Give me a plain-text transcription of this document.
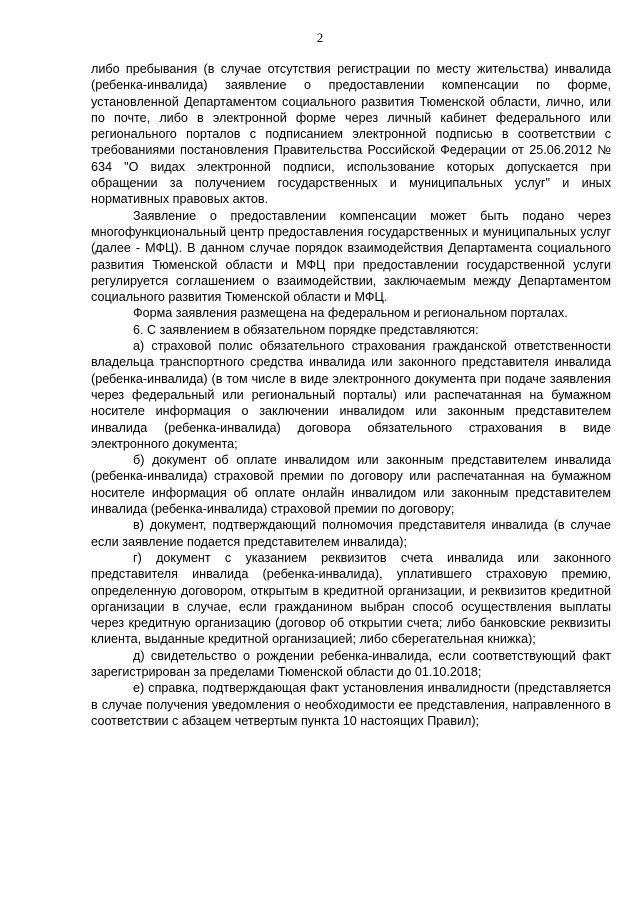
2

либо пребывания (в случае отсутствия регистрации по месту жительства) инвалида (ребенка-инвалида) заявление о предоставлении компенсации по форме, установленной Департаментом социального развития Тюменской области, лично, или по почте, либо в электронной форме через личный кабинет федерального или регионального порталов с подписанием электронной подписью в соответствии с требованиями постановления Правительства Российской Федерации от 25.06.2012 № 634 "О видах электронной подписи, использование которых допускается при обращении за получением государственных и муниципальных услуг" и иных нормативных правовых актов.

Заявление о предоставлении компенсации может быть подано через многофункциональный центр предоставления государственных и муниципальных услуг (далее - МФЦ). В данном случае порядок взаимодействия Департамента социального развития Тюменской области и МФЦ при предоставлении государственной услуги регулируется соглашением о взаимодействии, заключаемым между Департаментом социального развития Тюменской области и МФЦ.

Форма заявления размещена на федеральном и региональном порталах.

6. С заявлением в обязательном порядке представляются:

а) страховой полис обязательного страхования гражданской ответственности владельца транспортного средства инвалида или законного представителя инвалида (ребенка-инвалида) (в том числе в виде электронного документа при подаче заявления через федеральный или региональный порталы) или распечатанная на бумажном носителе информация о заключении инвалидом или законным представителем инвалида (ребенка-инвалида) договора обязательного страхования в виде электронного документа;

б) документ об оплате инвалидом или законным представителем инвалида (ребенка-инвалида) страховой премии по договору или распечатанная на бумажном носителе информация об оплате онлайн инвалидом или законным представителем инвалида (ребенка-инвалида) страховой премии по договору;

в) документ, подтверждающий полномочия представителя инвалида (в случае если заявление подается представителем инвалида);

г) документ с указанием реквизитов счета инвалида или законного представителя инвалида (ребенка-инвалида), уплатившего страховую премию, определенную договором, открытым в кредитной организации, и реквизитов кредитной организации в случае, если гражданином выбран способ осуществления выплаты через кредитную организацию (договор об открытии счета; либо банковские реквизиты клиента, выданные кредитной организацией; либо сберегательная книжка);

д) свидетельство о рождении ребенка-инвалида, если соответствующий факт зарегистрирован за пределами Тюменской области до 01.10.2018;

е) справка, подтверждающая факт установления инвалидности (представляется в случае получения уведомления о необходимости ее представления, направленного в соответствии с абзацем четвертым пункта 10 настоящих Правил);
